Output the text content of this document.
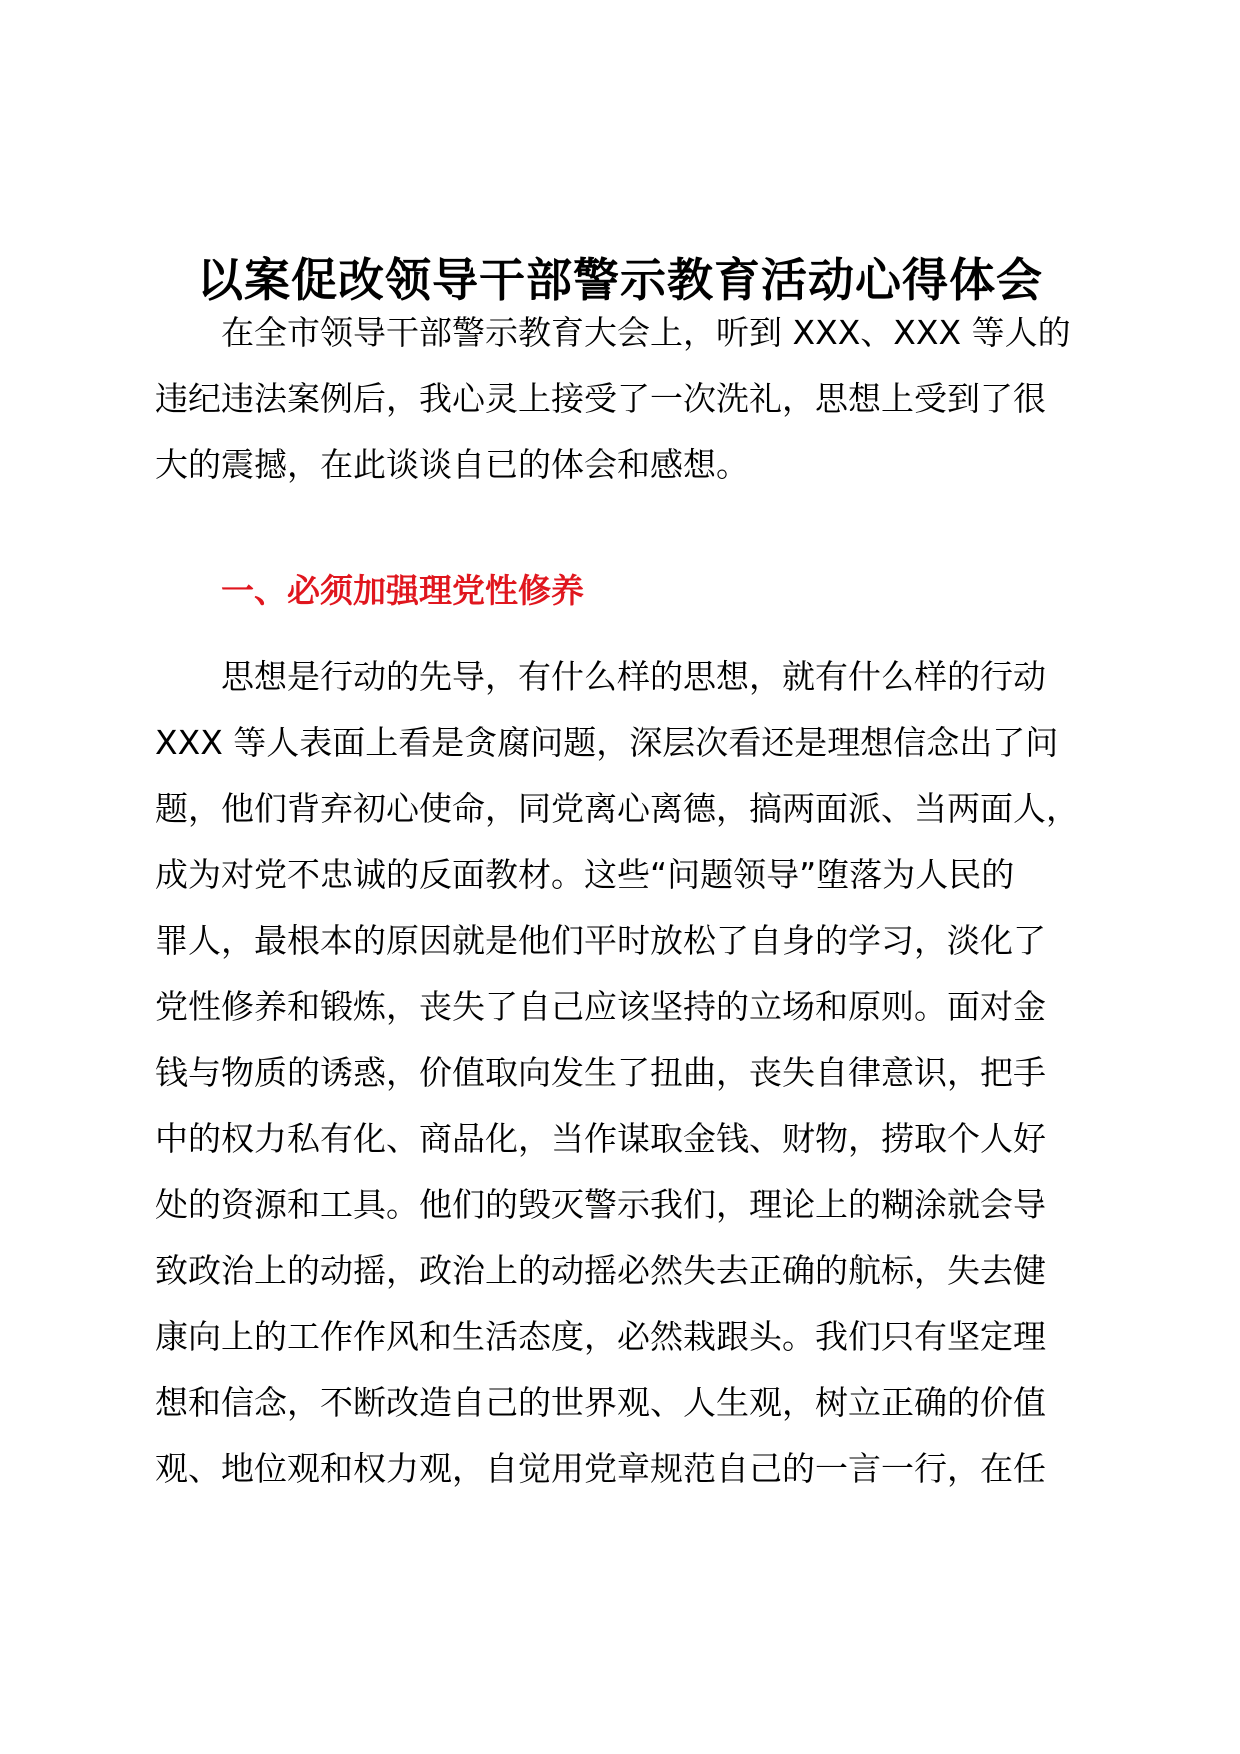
以案促改领导干部警示教育活动心得体会
在全市领导干部警示教育大会上，听到 XXX、XXX 等人的
违纪违法案例后，我心灵上接受了一次洗礼，思想上受到了很
大的震撼，在此谈谈自已的体会和感想。
一、必须加强理党性修养
思想是行动的先导，有什么样的思想，就有什么样的行动
XXX 等人表面上看是贪腐问题，深层次看还是理想信念出了问
题，他们背弃初心使命，同党离心离德，搞两面派、当两面人，
成为对党不忠诚的反面教材。这些“问题领导”堕落为人民的
罪人，最根本的原因就是他们平时放松了自身的学习，淡化了
党性修养和锻炼，丧失了自己应该坚持的立场和原则。面对金
钱与物质的诱惑，价值取向发生了扭曲，丧失自律意识，把手
中的权力私有化、商品化，当作谋取金钱、财物，捞取个人好
处的资源和工具。他们的毁灭警示我们，理论上的糊涂就会导
致政治上的动摇，政治上的动摇必然失去正确的航标，失去健
康向上的工作作风和生活态度，必然栽跟头。我们只有坚定理
想和信念，不断改造自己的世界观、人生观，树立正确的价值
观、地位观和权力观，自觉用党章规范自己的一言一行，在任
